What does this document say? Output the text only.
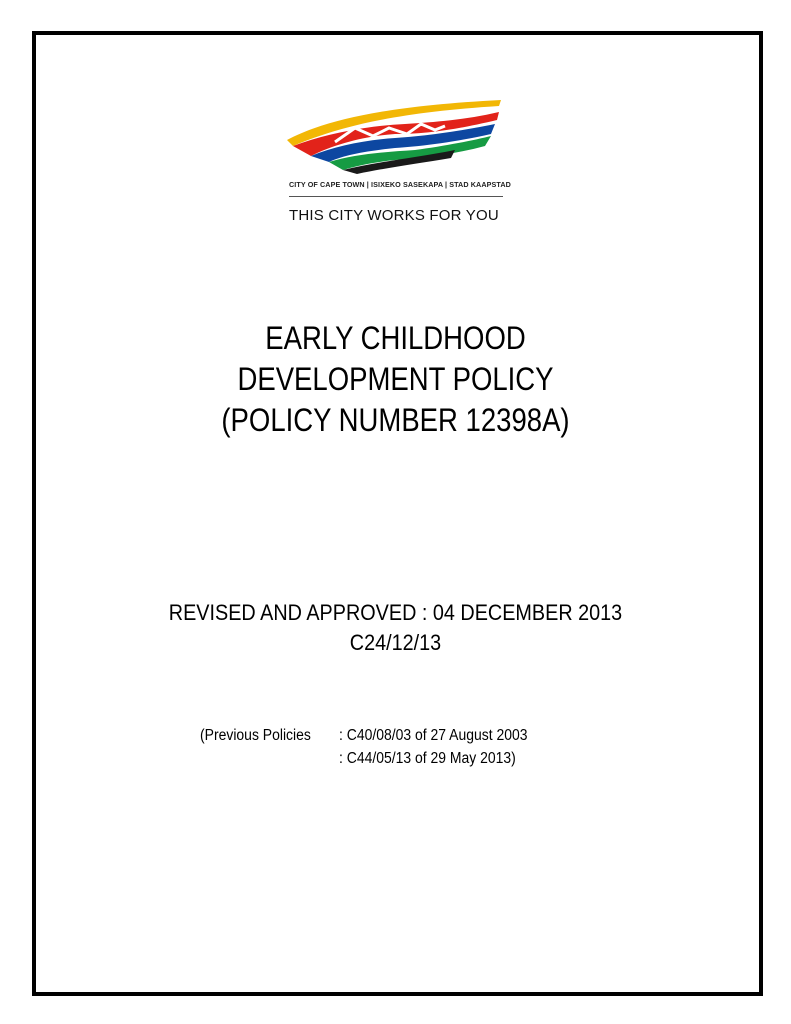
CITY OF CAPE TOWN | ISIXEKO SASEKAPA | STAD KAAPSTAD
THIS CITY WORKS FOR YOU
EARLY CHILDHOOD
DEVELOPMENT POLICY
(POLICY NUMBER 12398A)
REVISED AND APPROVED : 04 DECEMBER 2013
C24/12/13
(Previous Policies	: C40/08/03 of 27 August 2003
: C44/05/13 of 29 May 2013)
